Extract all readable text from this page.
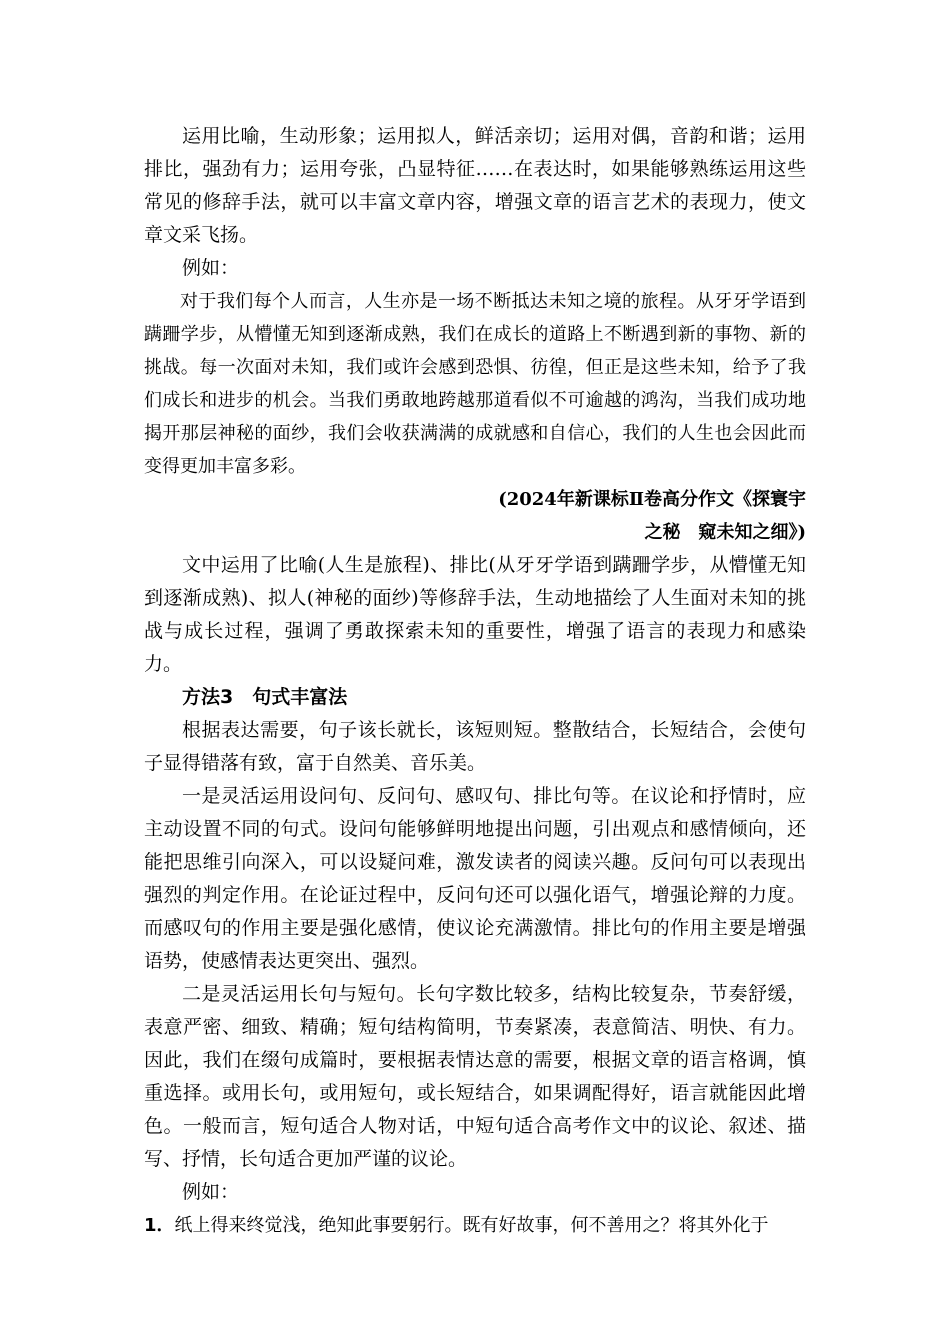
运用比喻，生动形象；运用拟人，鲜活亲切；运用对偶，音韵和谐；运用排比，强劲有力；运用夸张，凸显特征……在表达时，如果能够熟练运用这些常见的修辞手法，就可以丰富文章内容，增强文章的语言艺术的表现力，使文章文采飞扬。

例如：

对于我们每个人而言，人生亦是一场不断抵达未知之境的旅程。从牙牙学语到蹒跚学步，从懵懂无知到逐渐成熟，我们在成长的道路上不断遇到新的事物、新的挑战。每一次面对未知，我们或许会感到恐惧、彷徨，但正是这些未知，给予了我们成长和进步的机会。当我们勇敢地跨越那道看似不可逾越的鸿沟，当我们成功地揭开那层神秘的面纱，我们会收获满满的成就感和自信心，我们的人生也会因此而变得更加丰富多彩。

(2024年新课标Ⅱ卷高分作文《探寰宇

之秘　窥未知之细》)

文中运用了比喻(人生是旅程)、排比(从牙牙学语到蹒跚学步，从懵懂无知到逐渐成熟)、拟人(神秘的面纱)等修辞手法，生动地描绘了人生面对未知的挑战与成长过程，强调了勇敢探索未知的重要性，增强了语言的表现力和感染力。

方法3　句式丰富法

根据表达需要，句子该长就长，该短则短。整散结合，长短结合，会使句子显得错落有致，富于自然美、音乐美。

一是灵活运用设问句、反问句、感叹句、排比句等。在议论和抒情时，应主动设置不同的句式。设问句能够鲜明地提出问题，引出观点和感情倾向，还能把思维引向深入，可以设疑问难，激发读者的阅读兴趣。反问句可以表现出强烈的判定作用。在论证过程中，反问句还可以强化语气，增强论辩的力度。而感叹句的作用主要是强化感情，使议论充满激情。排比句的作用主要是增强语势，使感情表达更突出、强烈。

二是灵活运用长句与短句。长句字数比较多，结构比较复杂，节奏舒缓，表意严密、细致、精确；短句结构简明，节奏紧凑，表意简洁、明快、有力。因此，我们在缀句成篇时，要根据表情达意的需要，根据文章的语言格调，慎重选择。或用长句，或用短句，或长短结合，如果调配得好，语言就能因此增色。一般而言，短句适合人物对话，中短句适合高考作文中的议论、叙述、描写、抒情，长句适合更加严谨的议论。

例如：

1．纸上得来终觉浅，绝知此事要躬行。既有好故事，何不善用之？将其外化于
